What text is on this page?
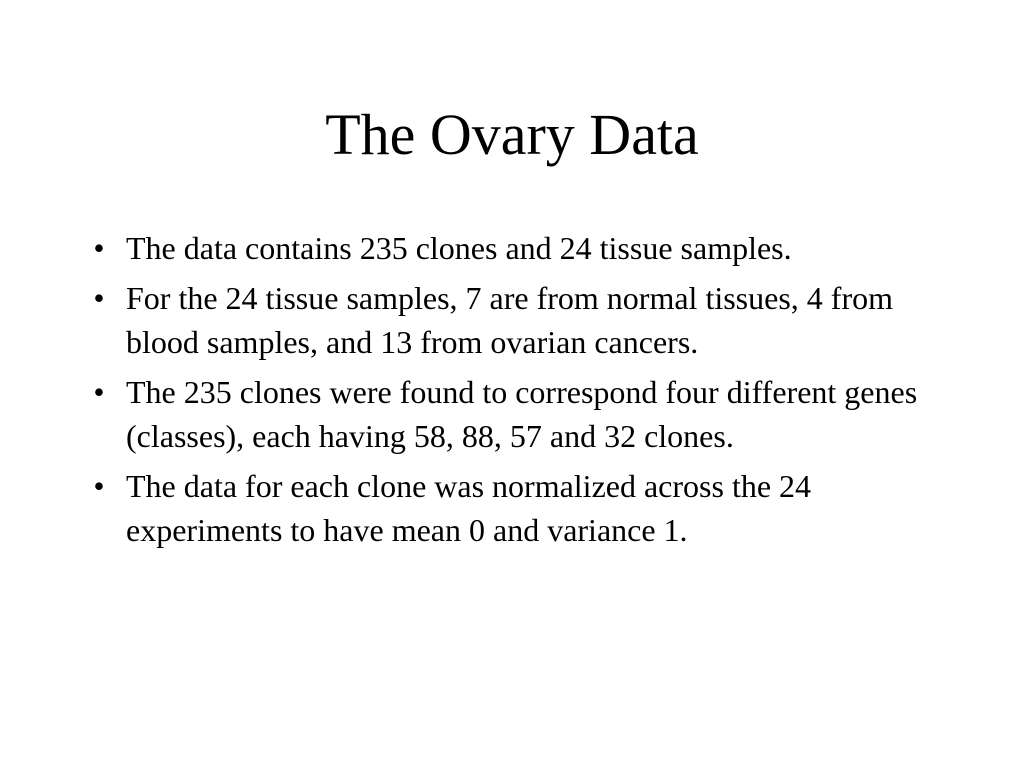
The Ovary Data
• The data contains 235 clones and 24 tissue samples.
• For the 24 tissue samples, 7 are from normal tissues, 4 from blood samples, and 13 from ovarian cancers.
• The 235 clones were found to correspond four different genes (classes), each having 58, 88, 57 and 32 clones.
• The data for each clone was normalized across the 24 experiments to have mean 0 and variance 1.
